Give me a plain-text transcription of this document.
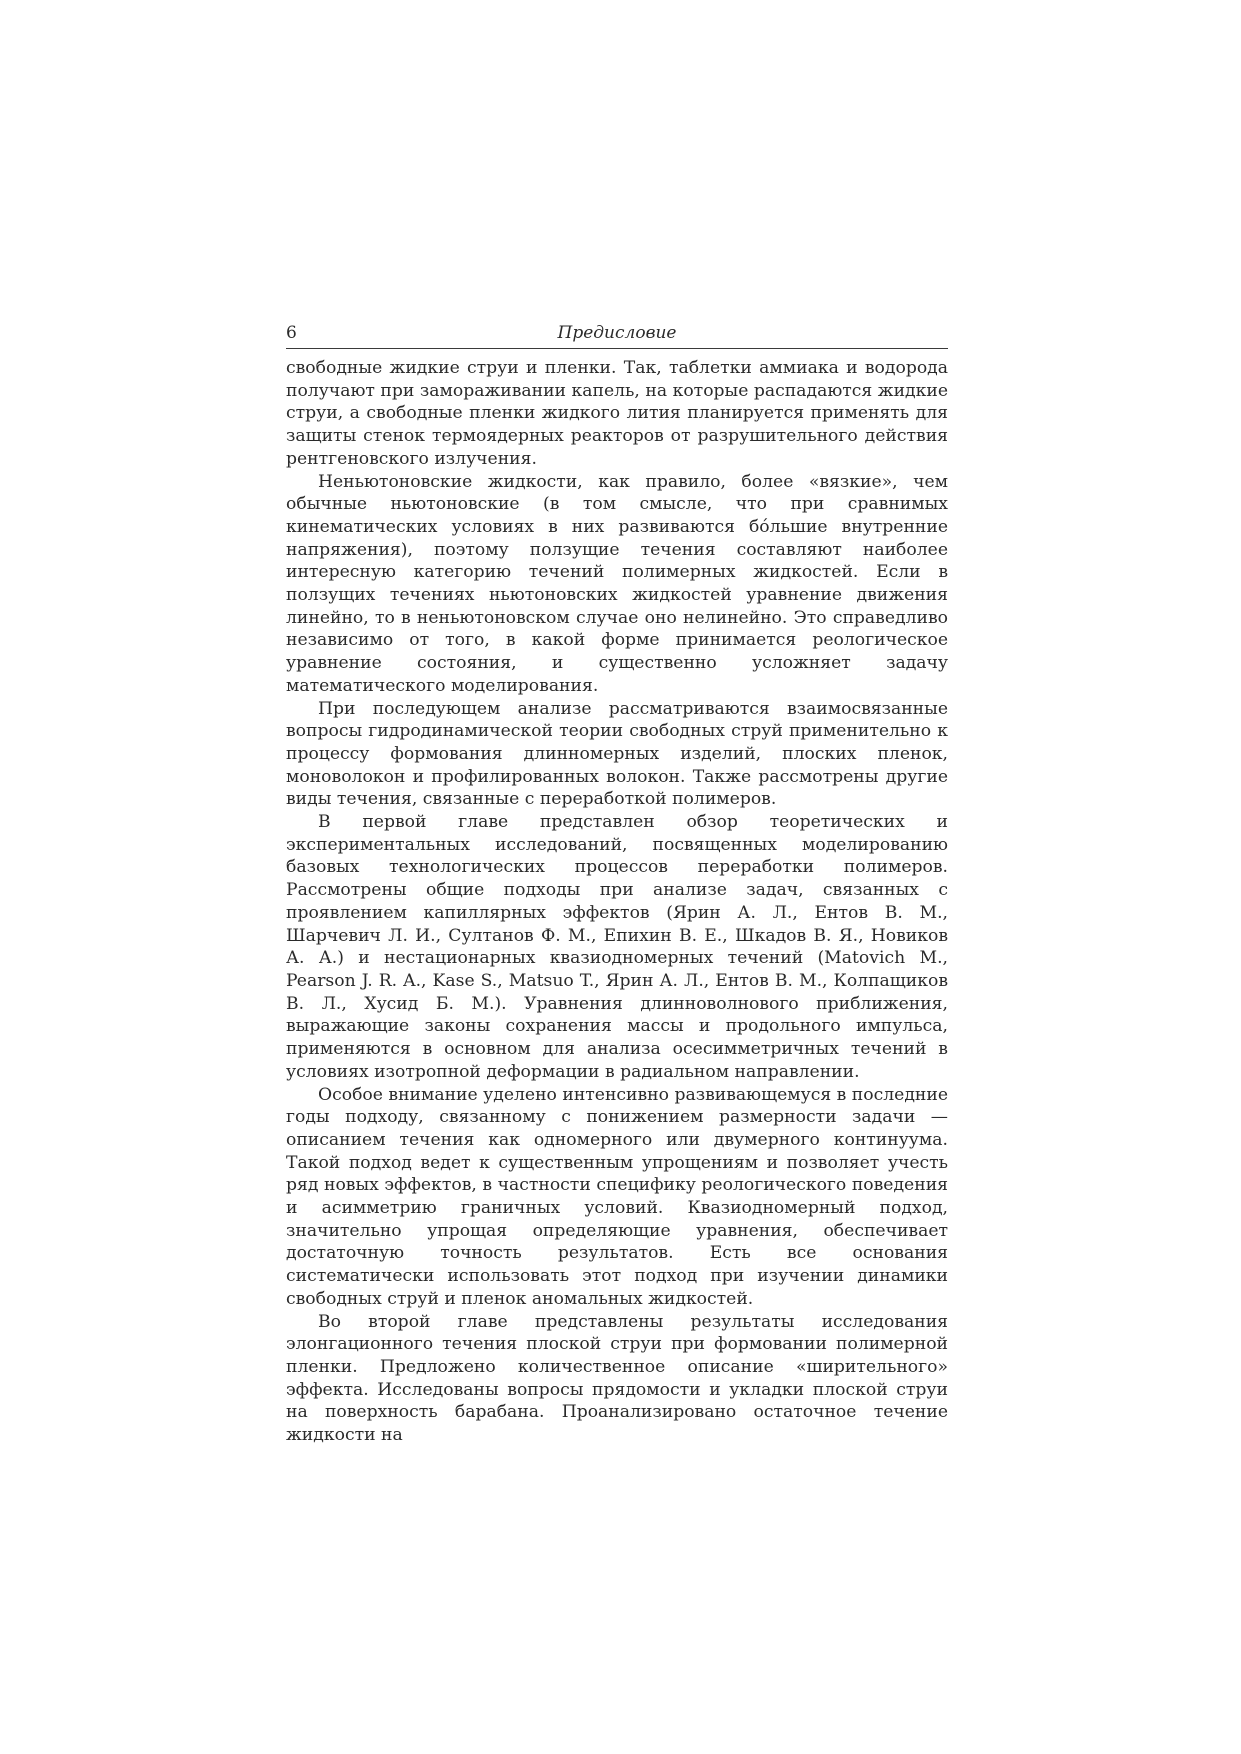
6	Предисловие

свободные жидкие струи и пленки. Так, таблетки аммиака и водорода получают при замораживании капель, на которые распадаются жидкие струи, а свободные пленки жидкого лития планируется применять для защиты стенок термоядерных реакторов от разрушительного действия рентгеновского излучения.

Неньютоновские жидкости, как правило, более «вязкие», чем обычные ньютоновские (в том смысле, что при сравнимых кинематических условиях в них развиваются бóльшие внутренние напряжения), поэтому ползущие течения составляют наиболее интересную категорию течений полимерных жидкостей. Если в ползущих течениях ньютоновских жидкостей уравнение движения линейно, то в неньютоновском случае оно нелинейно. Это справедливо независимо от того, в какой форме принимается реологическое уравнение состояния, и существенно усложняет задачу математического моделирования.

При последующем анализе рассматриваются взаимосвязанные вопросы гидродинамической теории свободных струй применительно к процессу формования длинномерных изделий, плоских пленок, моноволокон и профилированных волокон. Также рассмотрены другие виды течения, связанные с переработкой полимеров.

В первой главе представлен обзор теоретических и экспериментальных исследований, посвященных моделированию базовых технологических процессов переработки полимеров. Рассмотрены общие подходы при анализе задач, связанных с проявлением капиллярных эффектов (Ярин А. Л., Ентов В. М., Шарчевич Л. И., Султанов Ф. М., Епихин В. Е., Шкадов В. Я., Новиков А. А.) и нестационарных квазиодномерных течений (Matovich M., Pearson J. R. A., Kase S., Matsuo T., Ярин А. Л., Ентов В. М., Колпащиков В. Л., Хусид Б. М.). Уравнения длинноволнового приближения, выражающие законы сохранения массы и продольного импульса, применяются в основном для анализа осесимметричных течений в условиях изотропной деформации в радиальном направлении.

Особое внимание уделено интенсивно развивающемуся в последние годы подходу, связанному с понижением размерности задачи — описанием течения как одномерного или двумерного континуума. Такой подход ведет к существенным упрощениям и позволяет учесть ряд новых эффектов, в частности специфику реологического поведения и асимметрию граничных условий. Квазиодномерный подход, значительно упрощая определяющие уравнения, обеспечивает достаточную точность результатов. Есть все основания систематически использовать этот подход при изучении динамики свободных струй и пленок аномальных жидкостей.

Во второй главе представлены результаты исследования элонгационного течения плоской струи при формовании полимерной пленки. Предложено количественное описание «ширительного» эффекта. Исследованы вопросы прядомости и укладки плоской струи на поверхность барабана. Проанализировано остаточное течение жидкости на
